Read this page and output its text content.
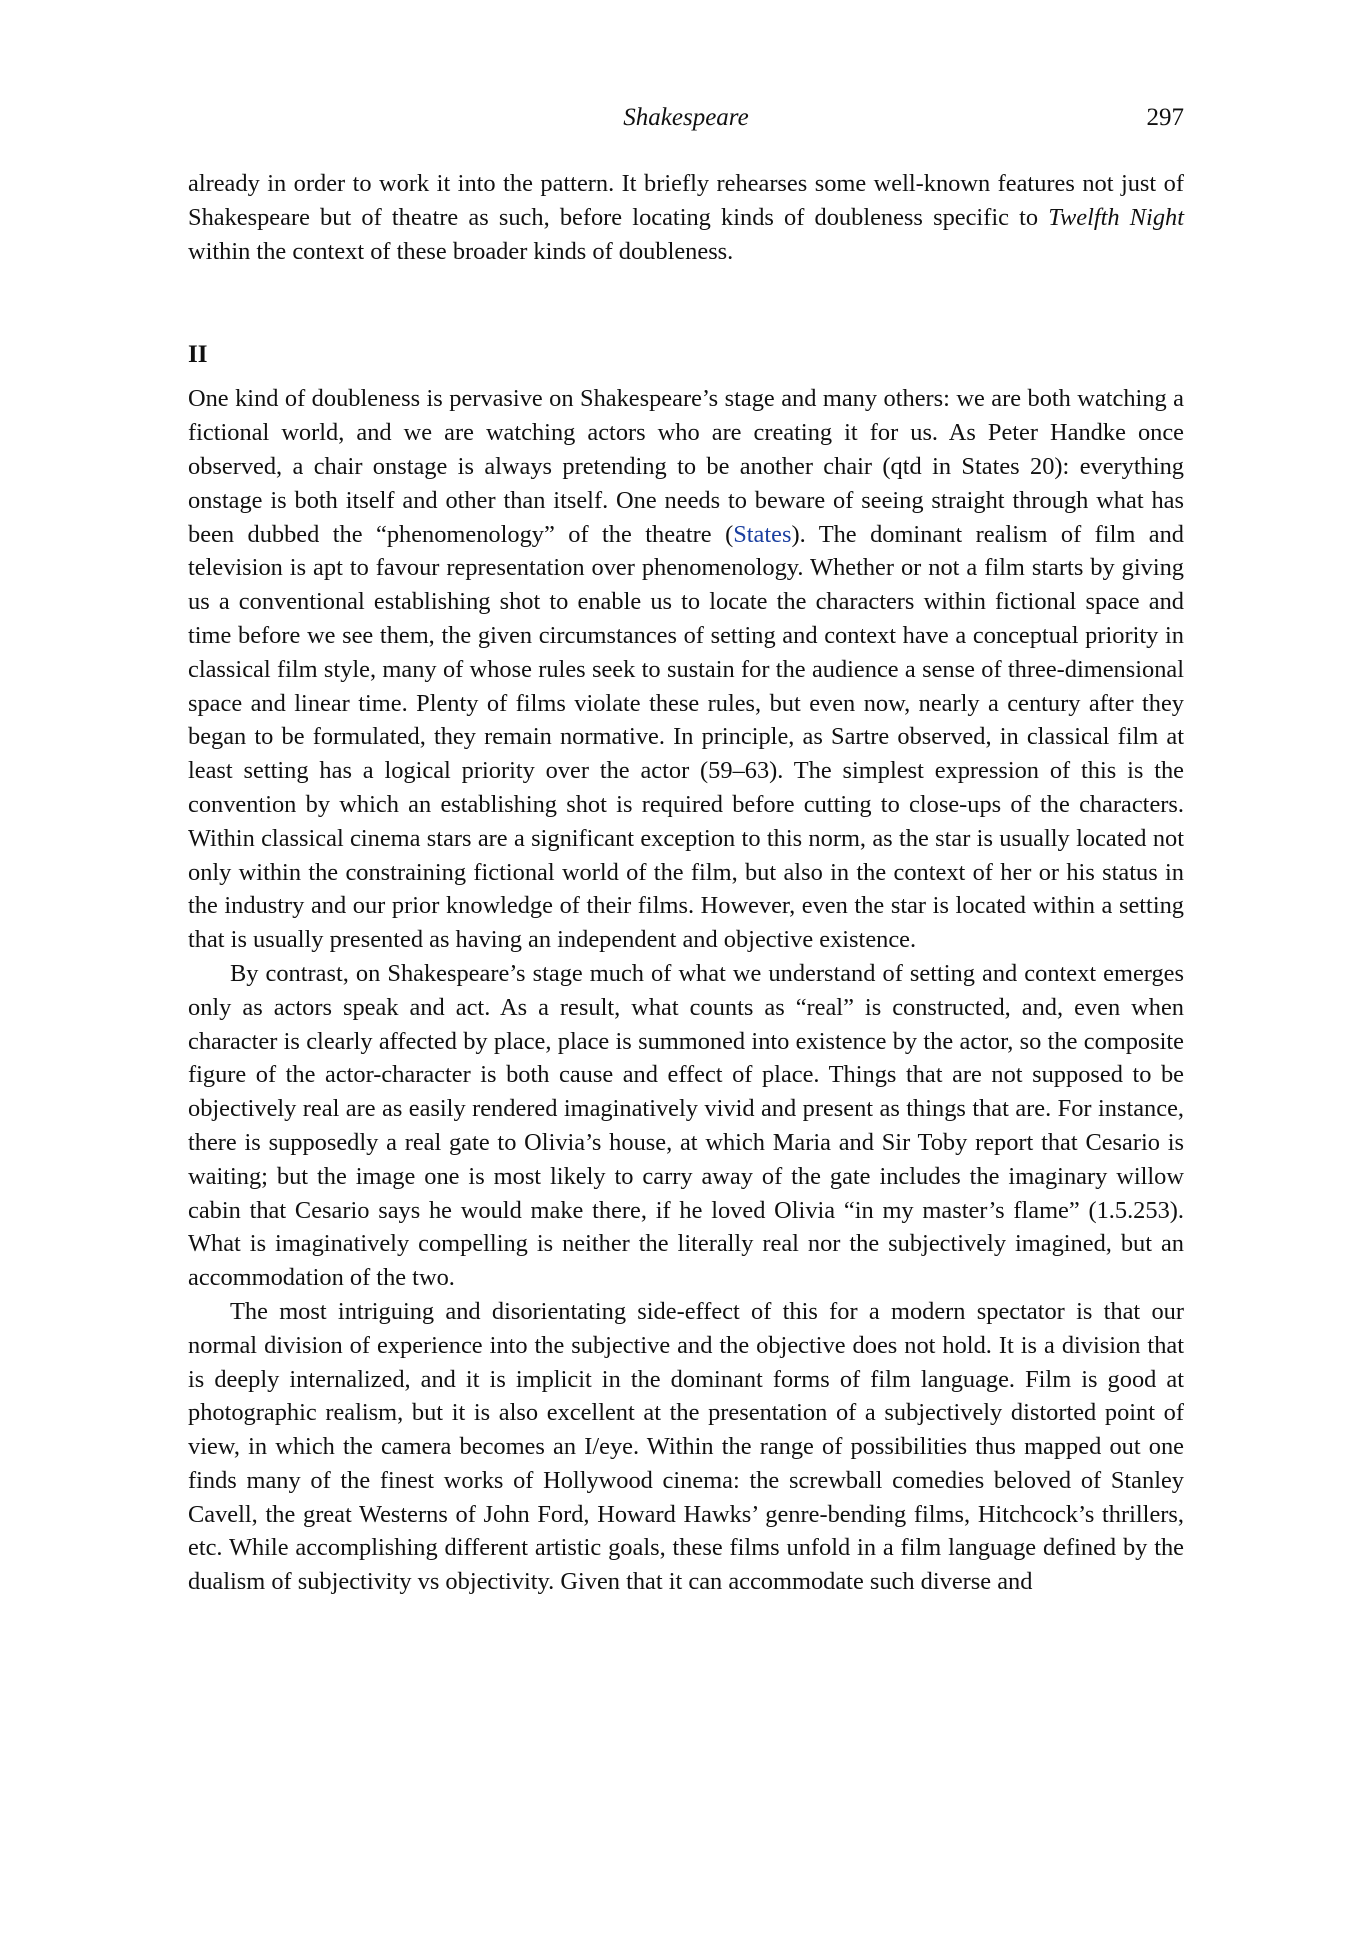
Shakespeare	297

already in order to work it into the pattern. It briefly rehearses some well-known features not just of Shakespeare but of theatre as such, before locating kinds of doubleness specific to Twelfth Night within the context of these broader kinds of doubleness.

II

One kind of doubleness is pervasive on Shakespeare’s stage and many others: we are both watching a fictional world, and we are watching actors who are creating it for us. As Peter Handke once observed, a chair onstage is always pretending to be another chair (qtd in States 20): everything onstage is both itself and other than itself. One needs to beware of seeing straight through what has been dubbed the “phenomenology” of the theatre (States). The dominant realism of film and television is apt to favour representation over phenomenology. Whether or not a film starts by giving us a conventional establishing shot to enable us to locate the characters within fictional space and time before we see them, the given circumstances of setting and context have a conceptual priority in classical film style, many of whose rules seek to sustain for the audience a sense of three-dimensional space and linear time. Plenty of films violate these rules, but even now, nearly a century after they began to be formulated, they remain normative. In principle, as Sartre observed, in classical film at least setting has a logical priority over the actor (59–63). The simplest expression of this is the convention by which an establishing shot is required before cutting to close-ups of the characters. Within classical cinema stars are a significant exception to this norm, as the star is usually located not only within the constraining fictional world of the film, but also in the context of her or his status in the industry and our prior knowledge of their films. However, even the star is located within a setting that is usually presented as having an independent and objective existence.

By contrast, on Shakespeare’s stage much of what we understand of setting and context emerges only as actors speak and act. As a result, what counts as “real” is constructed, and, even when character is clearly affected by place, place is summoned into existence by the actor, so the composite figure of the actor-character is both cause and effect of place. Things that are not supposed to be objectively real are as easily rendered imaginatively vivid and present as things that are. For instance, there is supposedly a real gate to Olivia’s house, at which Maria and Sir Toby report that Cesario is waiting; but the image one is most likely to carry away of the gate includes the imaginary willow cabin that Cesario says he would make there, if he loved Olivia “in my master’s flame” (1.5.253). What is imaginatively compelling is neither the literally real nor the subjectively imagined, but an accommodation of the two.

The most intriguing and disorientating side-effect of this for a modern spectator is that our normal division of experience into the subjective and the objective does not hold. It is a division that is deeply internalized, and it is implicit in the dominant forms of film language. Film is good at photographic realism, but it is also excellent at the presentation of a subjectively distorted point of view, in which the camera becomes an I/eye. Within the range of possibilities thus mapped out one finds many of the finest works of Hollywood cinema: the screwball comedies beloved of Stanley Cavell, the great Westerns of John Ford, Howard Hawks’ genre-bending films, Hitchcock’s thrillers, etc. While accomplishing different artistic goals, these films unfold in a film language defined by the dualism of subjectivity vs objectivity. Given that it can accommodate such diverse and
